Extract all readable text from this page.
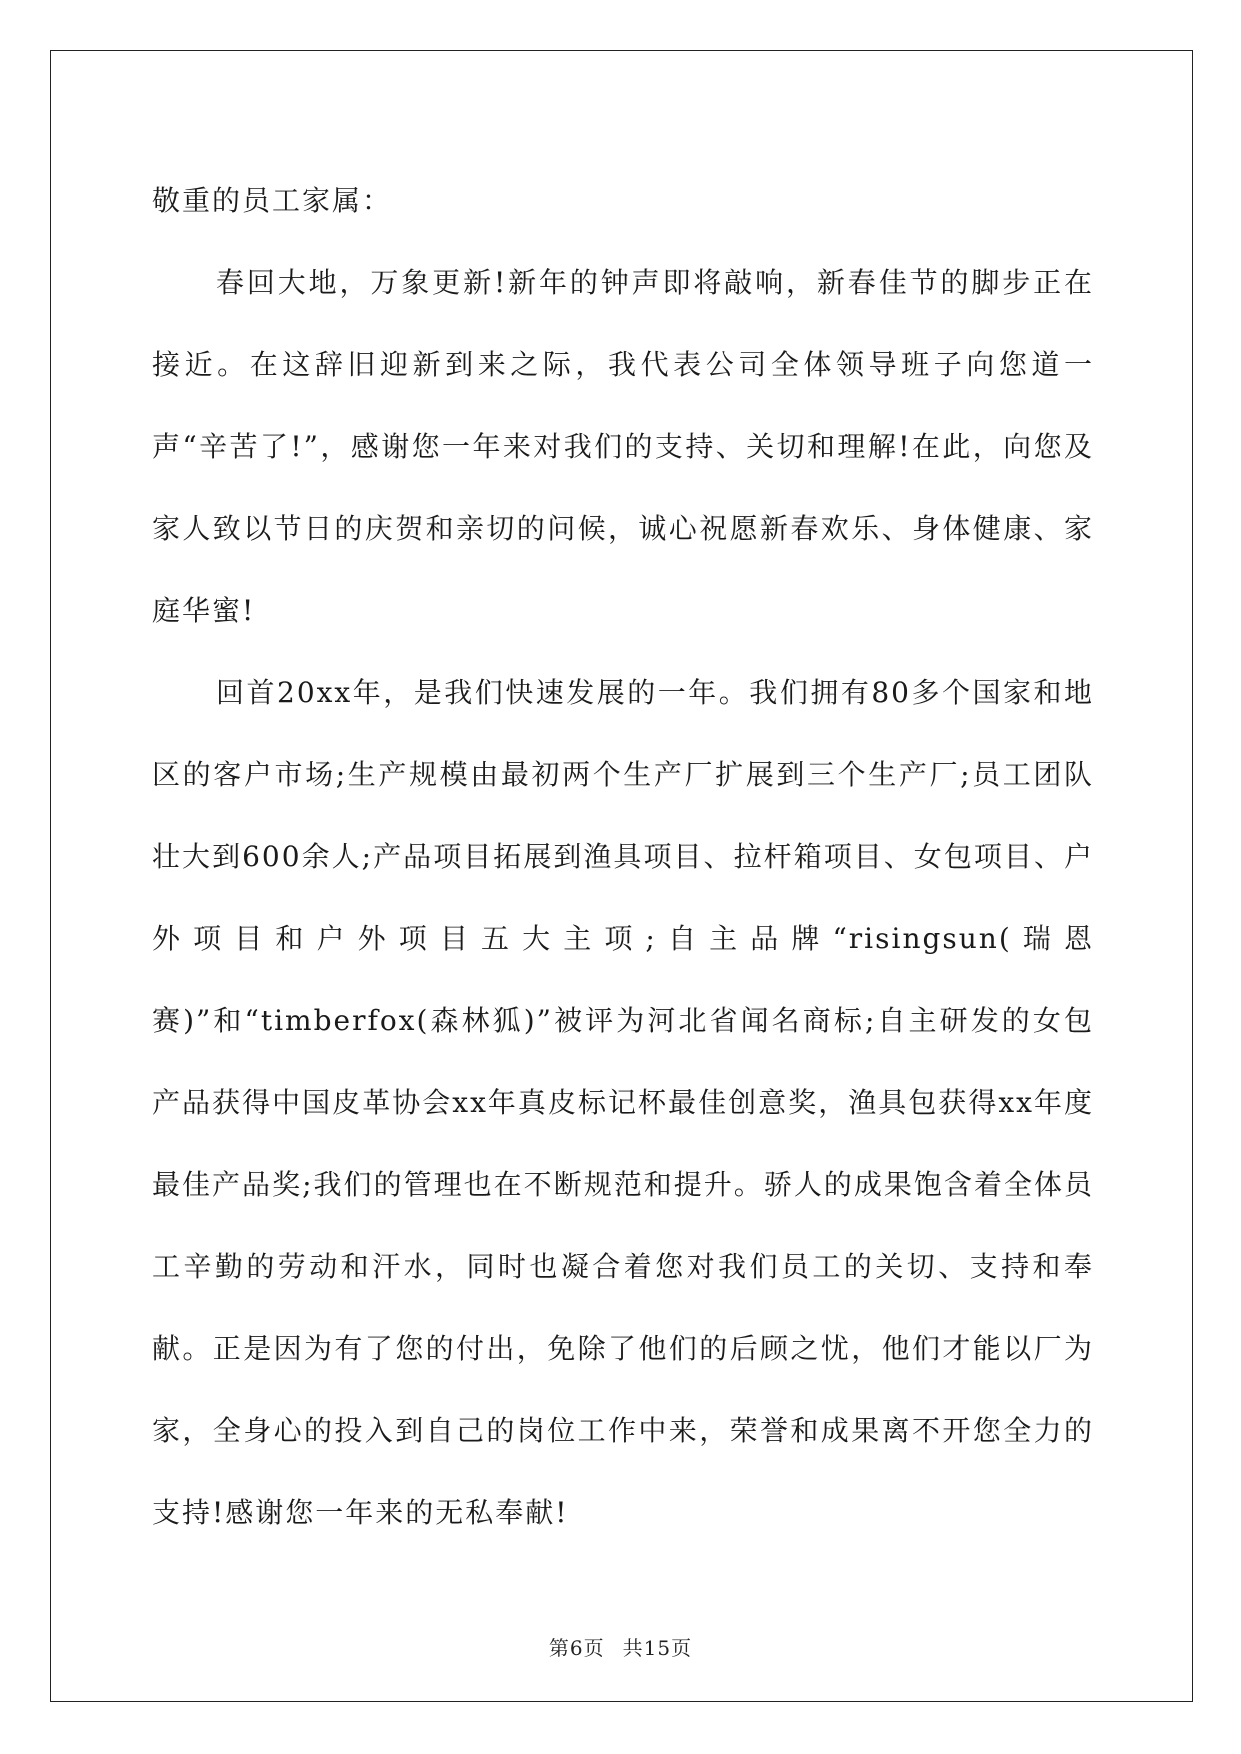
敬重的员工家属：

春回大地，万象更新!新年的钟声即将敲响，新春佳节的脚步正在接近。在这辞旧迎新到来之际，我代表公司全体领导班子向您道一声“辛苦了!”，感谢您一年来对我们的支持、关切和理解!在此，向您及家人致以节日的庆贺和亲切的问候，诚心祝愿新春欢乐、身体健康、家庭华蜜!

回首20xx年，是我们快速发展的一年。我们拥有80多个国家和地区的客户市场;生产规模由最初两个生产厂扩展到三个生产厂;员工团队壮大到600余人;产品项目拓展到渔具项目、拉杆箱项目、女包项目、户外项目和户外项目五大主项;自主品牌“risingsun(瑞恩赛)”和“timberfox(森林狐)”被评为河北省闻名商标;自主研发的女包产品获得中国皮革协会xx年真皮标记杯最佳创意奖，渔具包获得xx年度最佳产品奖;我们的管理也在不断规范和提升。骄人的成果饱含着全体员工辛勤的劳动和汗水，同时也凝合着您对我们员工的关切、支持和奉献。正是因为有了您的付出，免除了他们的后顾之忧，他们才能以厂为家，全身心的投入到自己的岗位工作中来，荣誉和成果离不开您全力的支持!感谢您一年来的无私奉献!

第6页 共15页
